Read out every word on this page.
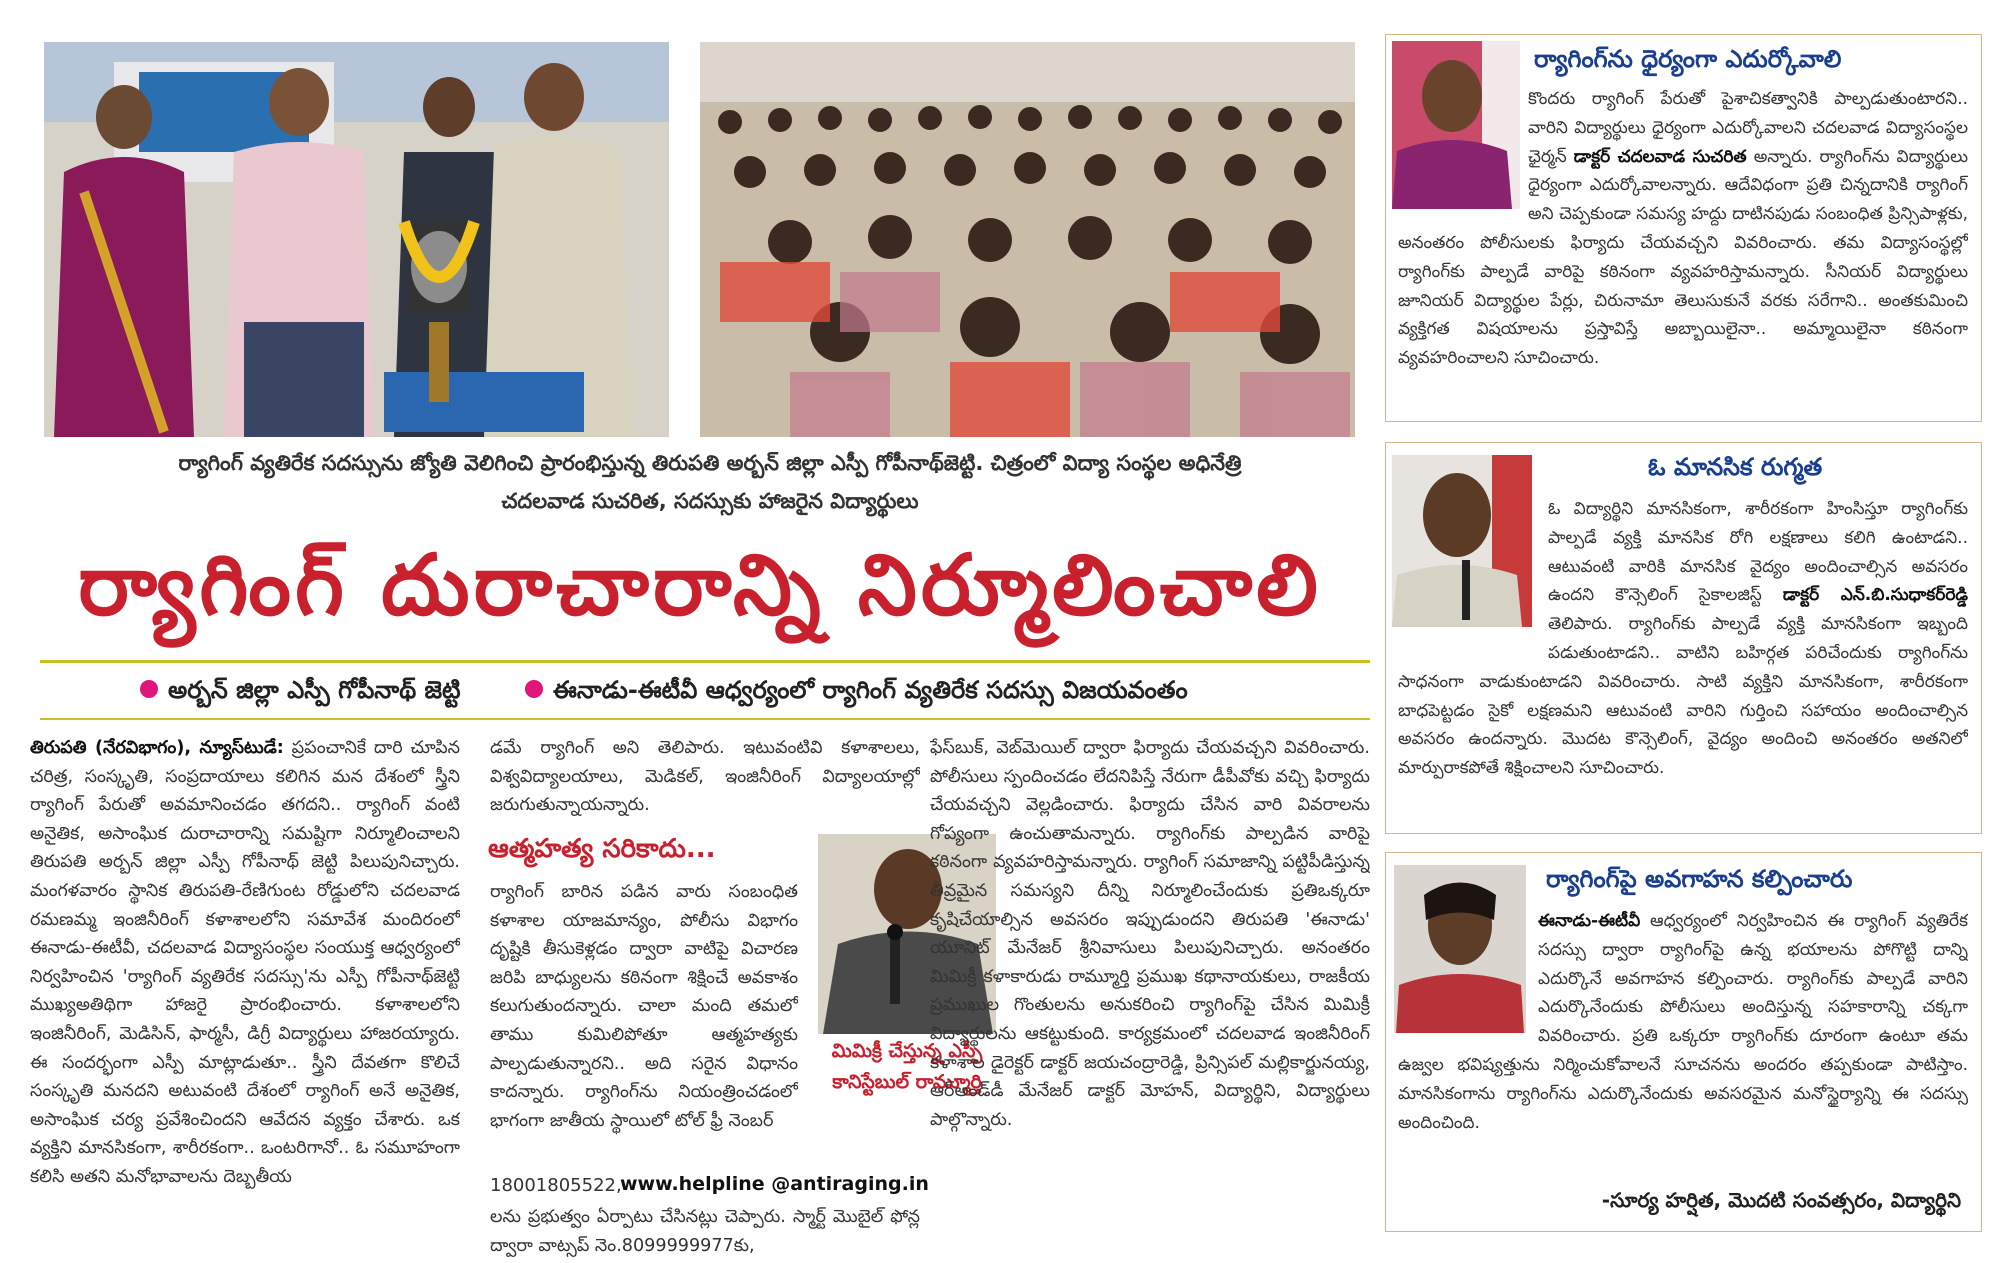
ర్యాగింగ్ వ్యతిరేక సదస్సును జ్యోతి వెలిగించి ప్రారంభిస్తున్న తిరుపతి అర్బన్ జిల్లా ఎస్పీ గోపీనాథ్‌జెట్టి. చిత్రంలో విద్యా సంస్థల అధినేత్రి
చదలవాడ సుచరిత, సదస్సుకు హాజరైన విద్యార్థులు
ర్యాగింగ్ దురాచారాన్ని నిర్మూలించాలి
అర్బన్ జిల్లా ఎస్పీ గోపీనాథ్ జెట్టి	ఈనాడు-ఈటీవీ ఆధ్వర్యంలో ర్యాగింగ్ వ్యతిరేక సదస్సు విజయవంతం

తిరుపతి (నేరవిభాగం), న్యూస్‌టుడే: ప్రపంచానికే దారి చూపిన చరిత్ర, సంస్కృతి, సంప్రదాయాలు కలిగిన మన దేశంలో స్త్రీని ర్యాగింగ్ పేరుతో అవమానించడం తగదని.. ర్యాగింగ్ వంటి అనైతిక, అసాంఘిక దురాచారాన్ని సమష్టిగా నిర్మూలించాలని తిరుపతి అర్బన్ జిల్లా ఎస్పీ గోపీనాథ్ జెట్టి పిలుపునిచ్చారు. మంగళవారం స్థానిక తిరుపతి-రేణిగుంట రోడ్డులోని చదలవాడ రమణమ్మ ఇంజినీరింగ్ కళాశాలలోని సమావేశ మందిరంలో ఈనాడు-ఈటీవీ, చదలవాడ విద్యాసంస్థల సంయుక్త ఆధ్వర్యంలో నిర్వహించిన 'ర్యాగింగ్ వ్యతిరేక సదస్సు'ను ఎస్పీ గోపీనాథ్‌జెట్టి ముఖ్యఅతిథిగా హాజరై ప్రారంభించారు. కళాశాలలోని ఇంజినీరింగ్, మెడిసిన్, ఫార్మసీ, డిగ్రీ విద్యార్థులు హాజరయ్యారు. ఈ సందర్భంగా ఎస్పీ మాట్లాడుతూ.. స్త్రీని దేవతగా కొలిచే సంస్కృతి మనదని అటువంటి దేశంలో ర్యాగింగ్ అనే అనైతిక, అసాంఘిక చర్య ప్రవేశించిందని ఆవేదన వ్యక్తం చేశారు. ఒక వ్యక్తిని మానసికంగా, శారీరకంగా.. ఒంటరిగానో.. ఓ సమూహంగా కలిసి అతని మనోభావాలను దెబ్బతీయ

డమే ర్యాగింగ్ అని తెలిపారు. ఇటువంటివి కళాశాలలు, విశ్వవిద్యాలయాలు, మెడికల్, ఇంజినీరింగ్ విద్యాలయాల్లో జరుగుతున్నాయన్నారు.

ఆత్మహత్య సరికాదు...

ర్యాగింగ్ బారిన పడిన వారు సంబంధిత కళాశాల యాజమాన్యం, పోలీసు విభాగం దృష్టికి తీసుకెళ్లడం ద్వారా వాటిపై విచారణ జరిపి బాధ్యులను కఠినంగా శిక్షించే అవకాశం కలుగుతుందన్నారు. చాలా మంది తమలో తాము కుమిలిపోతూ ఆత్మహత్యకు పాల్పడుతున్నారని.. అది సరైన విధానం కాదన్నారు. ర్యాగింగ్‌ను నియంత్రించడంలో భాగంగా జాతీయ స్థాయిలో టోల్ ఫ్రీ నెంబర్

18001805522,
www.helpline @antiraging.in

లను ప్రభుత్వం ఏర్పాటు చేసినట్లు చెప్పారు. స్మార్ట్ మొబైల్ ఫోన్ల ద్వారా వాట్సప్ నెం.8099999977కు,

మిమిక్రీ చేస్తున్న ఎస్పీ కానిస్టేబుల్ రామ్మూర్తి

ఫేస్‌బుక్, వెబ్‌మెయిల్ ద్వారా ఫిర్యాదు చేయవచ్చని వివరించారు. పోలీసులు స్పందించడం లేదనిపిస్తే నేరుగా డీపీవోకు వచ్చి ఫిర్యాదు చేయవచ్చని వెల్లడించారు. ఫిర్యాదు చేసిన వారి వివరాలను గోప్యంగా ఉంచుతామన్నారు. ర్యాగింగ్‌కు పాల్పడిన వారిపై కఠినంగా వ్యవహరిస్తామన్నారు. ర్యాగింగ్ సమాజాన్ని పట్టిపీడిస్తున్న తీవ్రమైన సమస్యని దీన్ని నిర్మూలించేందుకు ప్రతిఒక్కరూ కృషిచేయాల్సిన అవసరం ఇప్పుడుందని తిరుపతి 'ఈనాడు' యూనిట్ మేనేజర్ శ్రీనివాసులు పిలుపునిచ్చారు. అనంతరం మిమిక్రీ కళాకారుడు రామ్మూర్తి ప్రముఖ కథానాయకులు, రాజకీయ ప్రముఖుల గొంతులను అనుకరించి ర్యాగింగ్‌పై చేసిన మిమిక్రీ విద్యార్థులను ఆకట్టుకుంది. కార్యక్రమంలో చదలవాడ ఇంజినీరింగ్ కళాశాల డైరెక్టర్ డాక్టర్ జయచంద్రారెడ్డి, ప్రిన్సిపల్ మల్లికార్జునయ్య, ఆర్‌అండ్‌డీ మేనేజర్ డాక్టర్ మోహన్, విద్యార్థిని, విద్యార్థులు పాల్గొన్నారు.

ర్యాగింగ్‌ను ధైర్యంగా ఎదుర్కోవాలి
కొందరు ర్యాగింగ్ పేరుతో పైశాచికత్వానికి పాల్పడుతుంటారని.. వారిని విద్యార్థులు ధైర్యంగా ఎదుర్కోవాలని చదలవాడ విద్యాసంస్థల ఛైర్మన్ డాక్టర్ చదలవాడ సుచరిత అన్నారు. ర్యాగింగ్‌ను విద్యార్థులు ధైర్యంగా ఎదుర్కోవాలన్నారు. ఆదేవిధంగా ప్రతి చిన్నదానికి ర్యాగింగ్ అని చెప్పకుండా సమస్య హద్దు దాటినపుడు సంబంధిత ప్రిన్సిపాళ్లకు, అనంతరం పోలీసులకు ఫిర్యాదు చేయవచ్చని వివరించారు. తమ విద్యాసంస్థల్లో ర్యాగింగ్‌కు పాల్పడే వారిపై కఠినంగా వ్యవహరిస్తామన్నారు. సీనియర్ విద్యార్థులు జూనియర్ విద్యార్థుల పేర్లు, చిరునామా తెలుసుకునే వరకు సరేగాని.. అంతకుమించి వ్యక్తిగత విషయాలను ప్రస్తావిస్తే అబ్బాయిలైనా.. అమ్మాయిలైనా కఠినంగా వ్యవహరించాలని సూచించారు.
ఓ మానసిక రుగ్మత
ఓ విద్యార్థిని మానసికంగా, శారీరకంగా హింసిస్తూ ర్యాగింగ్‌కు పాల్పడే వ్యక్తి మానసిక రోగి లక్షణాలు కలిగి ఉంటాడని.. ఆటువంటి వారికి మానసిక వైద్యం అందించాల్సిన అవసరం ఉందని కౌన్సెలింగ్ సైకాలజిస్ట్ డాక్టర్ ఎన్.బి.సుధాకర్‌రెడ్డి తెలిపారు. ర్యాగింగ్‌కు పాల్పడే వ్యక్తి మానసికంగా ఇబ్బంది పడుతుంటాడని.. వాటిని బహిర్గత పరిచేందుకు ర్యాగింగ్‌ను సాధనంగా వాడుకుంటాడని వివరించారు. సాటి వ్యక్తిని మానసికంగా, శారీరకంగా బాధపెట్టడం సైకో లక్షణమని ఆటువంటి వారిని గుర్తించి సహాయం అందించాల్సిన అవసరం ఉందన్నారు. మొదట కౌన్సెలింగ్, వైద్యం అందించి అనంతరం అతనిలో మార్పురాకపోతే శిక్షించాలని సూచించారు.
ర్యాగింగ్‌పై అవగాహన కల్పించారు
ఈనాడు-ఈటీవీ ఆధ్వర్యంలో నిర్వహించిన ఈ ర్యాగింగ్ వ్యతిరేక సదస్సు ద్వారా ర్యాగింగ్‌పై ఉన్న భయాలను పోగొట్టి దాన్ని ఎదుర్కొనే అవగాహన కల్పించారు. ర్యాగింగ్‌కు పాల్పడే వారిని ఎదుర్కొనేందుకు పోలీసులు అందిస్తున్న సహకారాన్ని చక్కగా వివరించారు. ప్రతి ఒక్కరూ ర్యాగింగ్‌కు దూరంగా ఉంటూ తమ ఉజ్వల భవిష్యత్తును నిర్మించుకోవాలనే సూచనను అందరం తప్పకుండా పాటిస్తాం. మానసికంగాను ర్యాగింగ్‌ను ఎదుర్కొనేందుకు అవసరమైన మనోస్థైర్యాన్ని ఈ సదస్సు అందించింది.
-సూర్య హర్షిత, మొదటి సంవత్సరం, విద్యార్థిని
